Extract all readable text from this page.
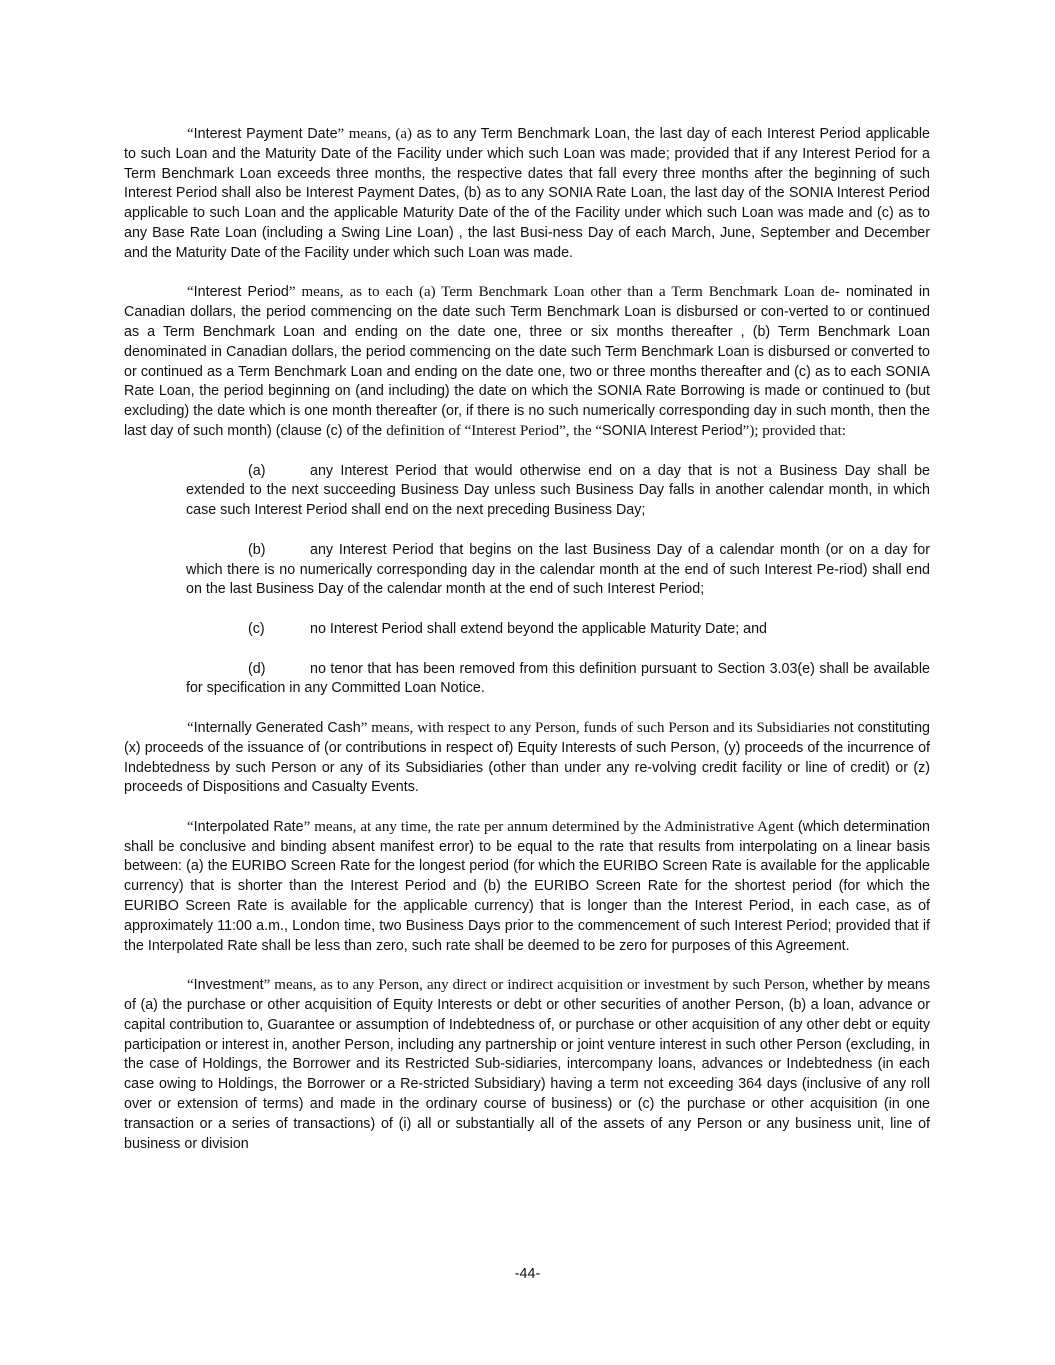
“Interest Payment Date” means, (a) as to any Term Benchmark Loan, the last day of each Interest Period applicable to such Loan and the Maturity Date of the Facility under which such Loan was made; provided that if any Interest Period for a Term Benchmark Loan exceeds three months, the respective dates that fall every three months after the beginning of such Interest Period shall also be Interest Payment Dates, (b) as to any SONIA Rate Loan, the last day of the SONIA Interest Period applicable to such Loan and the applicable Maturity Date of the of the Facility under which such Loan was made and (c) as to any Base Rate Loan (including a Swing Line Loan) , the last Busi-ness Day of each March, June, September and December and the Maturity Date of the Facility under which such Loan was made.

“Interest Period” means, as to each (a) Term Benchmark Loan other than a Term Benchmark Loan de- nominated in Canadian dollars, the period commencing on the date such Term Benchmark Loan is disbursed or con-verted to or continued as a Term Benchmark Loan and ending on the date one, three or six months thereafter , (b) Term Benchmark Loan denominated in Canadian dollars, the period commencing on the date such Term Benchmark Loan is disbursed or converted to or continued as a Term Benchmark Loan and ending on the date one, two or three months thereafter and (c) as to each SONIA Rate Loan, the period beginning on (and including) the date on which the SONIA Rate Borrowing is made or continued to (but excluding) the date which is one month thereafter (or, if there is no such numerically corresponding day in such month, then the last day of such month) (clause (c) of the definition of “Interest Period”, the “SONIA Interest Period”); provided that:

(a)	any Interest Period that would otherwise end on a day that is not a Business Day shall be extended to the next succeeding Business Day unless such Business Day falls in another calendar month, in which case such Interest Period shall end on the next preceding Business Day;

(b)	any Interest Period that begins on the last Business Day of a calendar month (or on a day for which there is no numerically corresponding day in the calendar month at the end of such Interest Pe-riod) shall end on the last Business Day of the calendar month at the end of such Interest Period;

(c)	no Interest Period shall extend beyond the applicable Maturity Date; and

(d)	no tenor that has been removed from this definition pursuant to Section 3.03(e) shall be available for specification in any Committed Loan Notice.

“Internally Generated Cash” means, with respect to any Person, funds of such Person and its Subsidiaries not constituting (x) proceeds of the issuance of (or contributions in respect of) Equity Interests of such Person, (y) proceeds of the incurrence of Indebtedness by such Person or any of its Subsidiaries (other than under any re-volving credit facility or line of credit) or (z) proceeds of Dispositions and Casualty Events.

“Interpolated Rate” means, at any time, the rate per annum determined by the Administrative Agent (which determination shall be conclusive and binding absent manifest error) to be equal to the rate that results from interpolating on a linear basis between: (a) the EURIBO Screen Rate for the longest period (for which the EURIBO Screen Rate is available for the applicable currency) that is shorter than the Interest Period and (b) the EURIBO Screen Rate for the shortest period (for which the EURIBO Screen Rate is available for the applicable currency) that is longer than the Interest Period, in each case, as of approximately 11:00 a.m., London time, two Business Days prior to the commencement of such Interest Period; provided that if the Interpolated Rate shall be less than zero, such rate shall be deemed to be zero for purposes of this Agreement.

“Investment” means, as to any Person, any direct or indirect acquisition or investment by such Person, whether by means of (a) the purchase or other acquisition of Equity Interests or debt or other securities of another Person, (b) a loan, advance or capital contribution to, Guarantee or assumption of Indebtedness of, or purchase or other acquisition of any other debt or equity participation or interest in, another Person, including any partnership or joint venture interest in such other Person (excluding, in the case of Holdings, the Borrower and its Restricted Sub-sidiaries, intercompany loans, advances or Indebtedness (in each case owing to Holdings, the Borrower or a Re-stricted Subsidiary) having a term not exceeding 364 days (inclusive of any roll over or extension of terms) and made in the ordinary course of business) or (c) the purchase or other acquisition (in one transaction or a series of transactions) of (i) all or substantially all of the assets of any Person or any business unit, line of business or division

-44-
